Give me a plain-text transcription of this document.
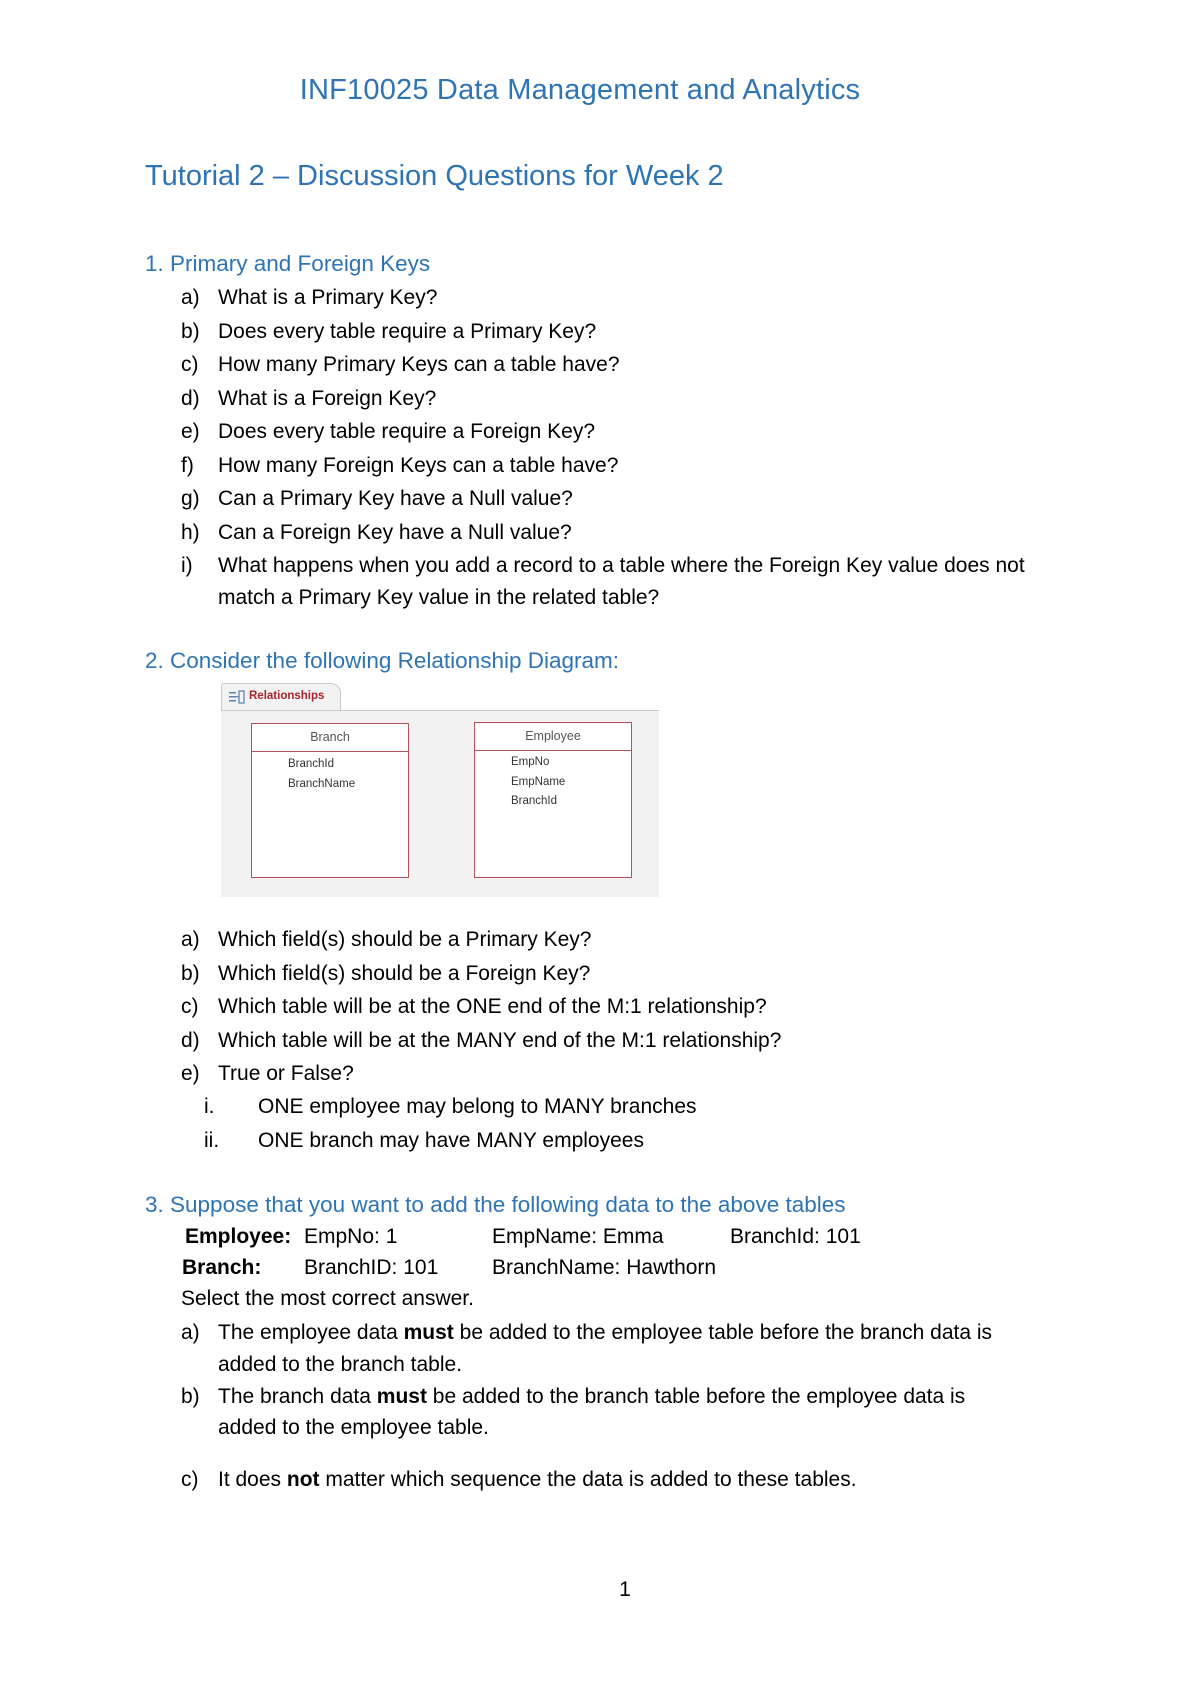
INF10025 Data Management and Analytics
Tutorial 2 – Discussion Questions for Week 2
1. Primary and Foreign Keys
a) What is a Primary Key?
b) Does every table require a Primary Key?
c) How many Primary Keys can a table have?
d) What is a Foreign Key?
e) Does every table require a Foreign Key?
f) How many Foreign Keys can a table have?
g) Can a Primary Key have a Null value?
h) Can a Foreign Key have a Null value?
i) What happens when you add a record to a table where the Foreign Key value does not
match a Primary Key value in the related table?
2. Consider the following Relationship Diagram:
Relationships
Branch
BranchId
BranchName
Employee
EmpNo
EmpName
BranchId
a) Which field(s) should be a Primary Key?
b) Which field(s) should be a Foreign Key?
c) Which table will be at the ONE end of the M:1 relationship?
d) Which table will be at the MANY end of the M:1 relationship?
e) True or False?
i. ONE employee may belong to MANY branches
ii. ONE branch may have MANY employees
3. Suppose that you want to add the following data to the above tables
Employee: EmpNo: 1	EmpName: Emma	BranchId: 101
Branch: BranchID: 101	BranchName: Hawthorn
Select the most correct answer.
a) The employee data must be added to the employee table before the branch data is
added to the branch table.
b) The branch data must be added to the branch table before the employee data is
added to the employee table.
c) It does not matter which sequence the data is added to these tables.
1
